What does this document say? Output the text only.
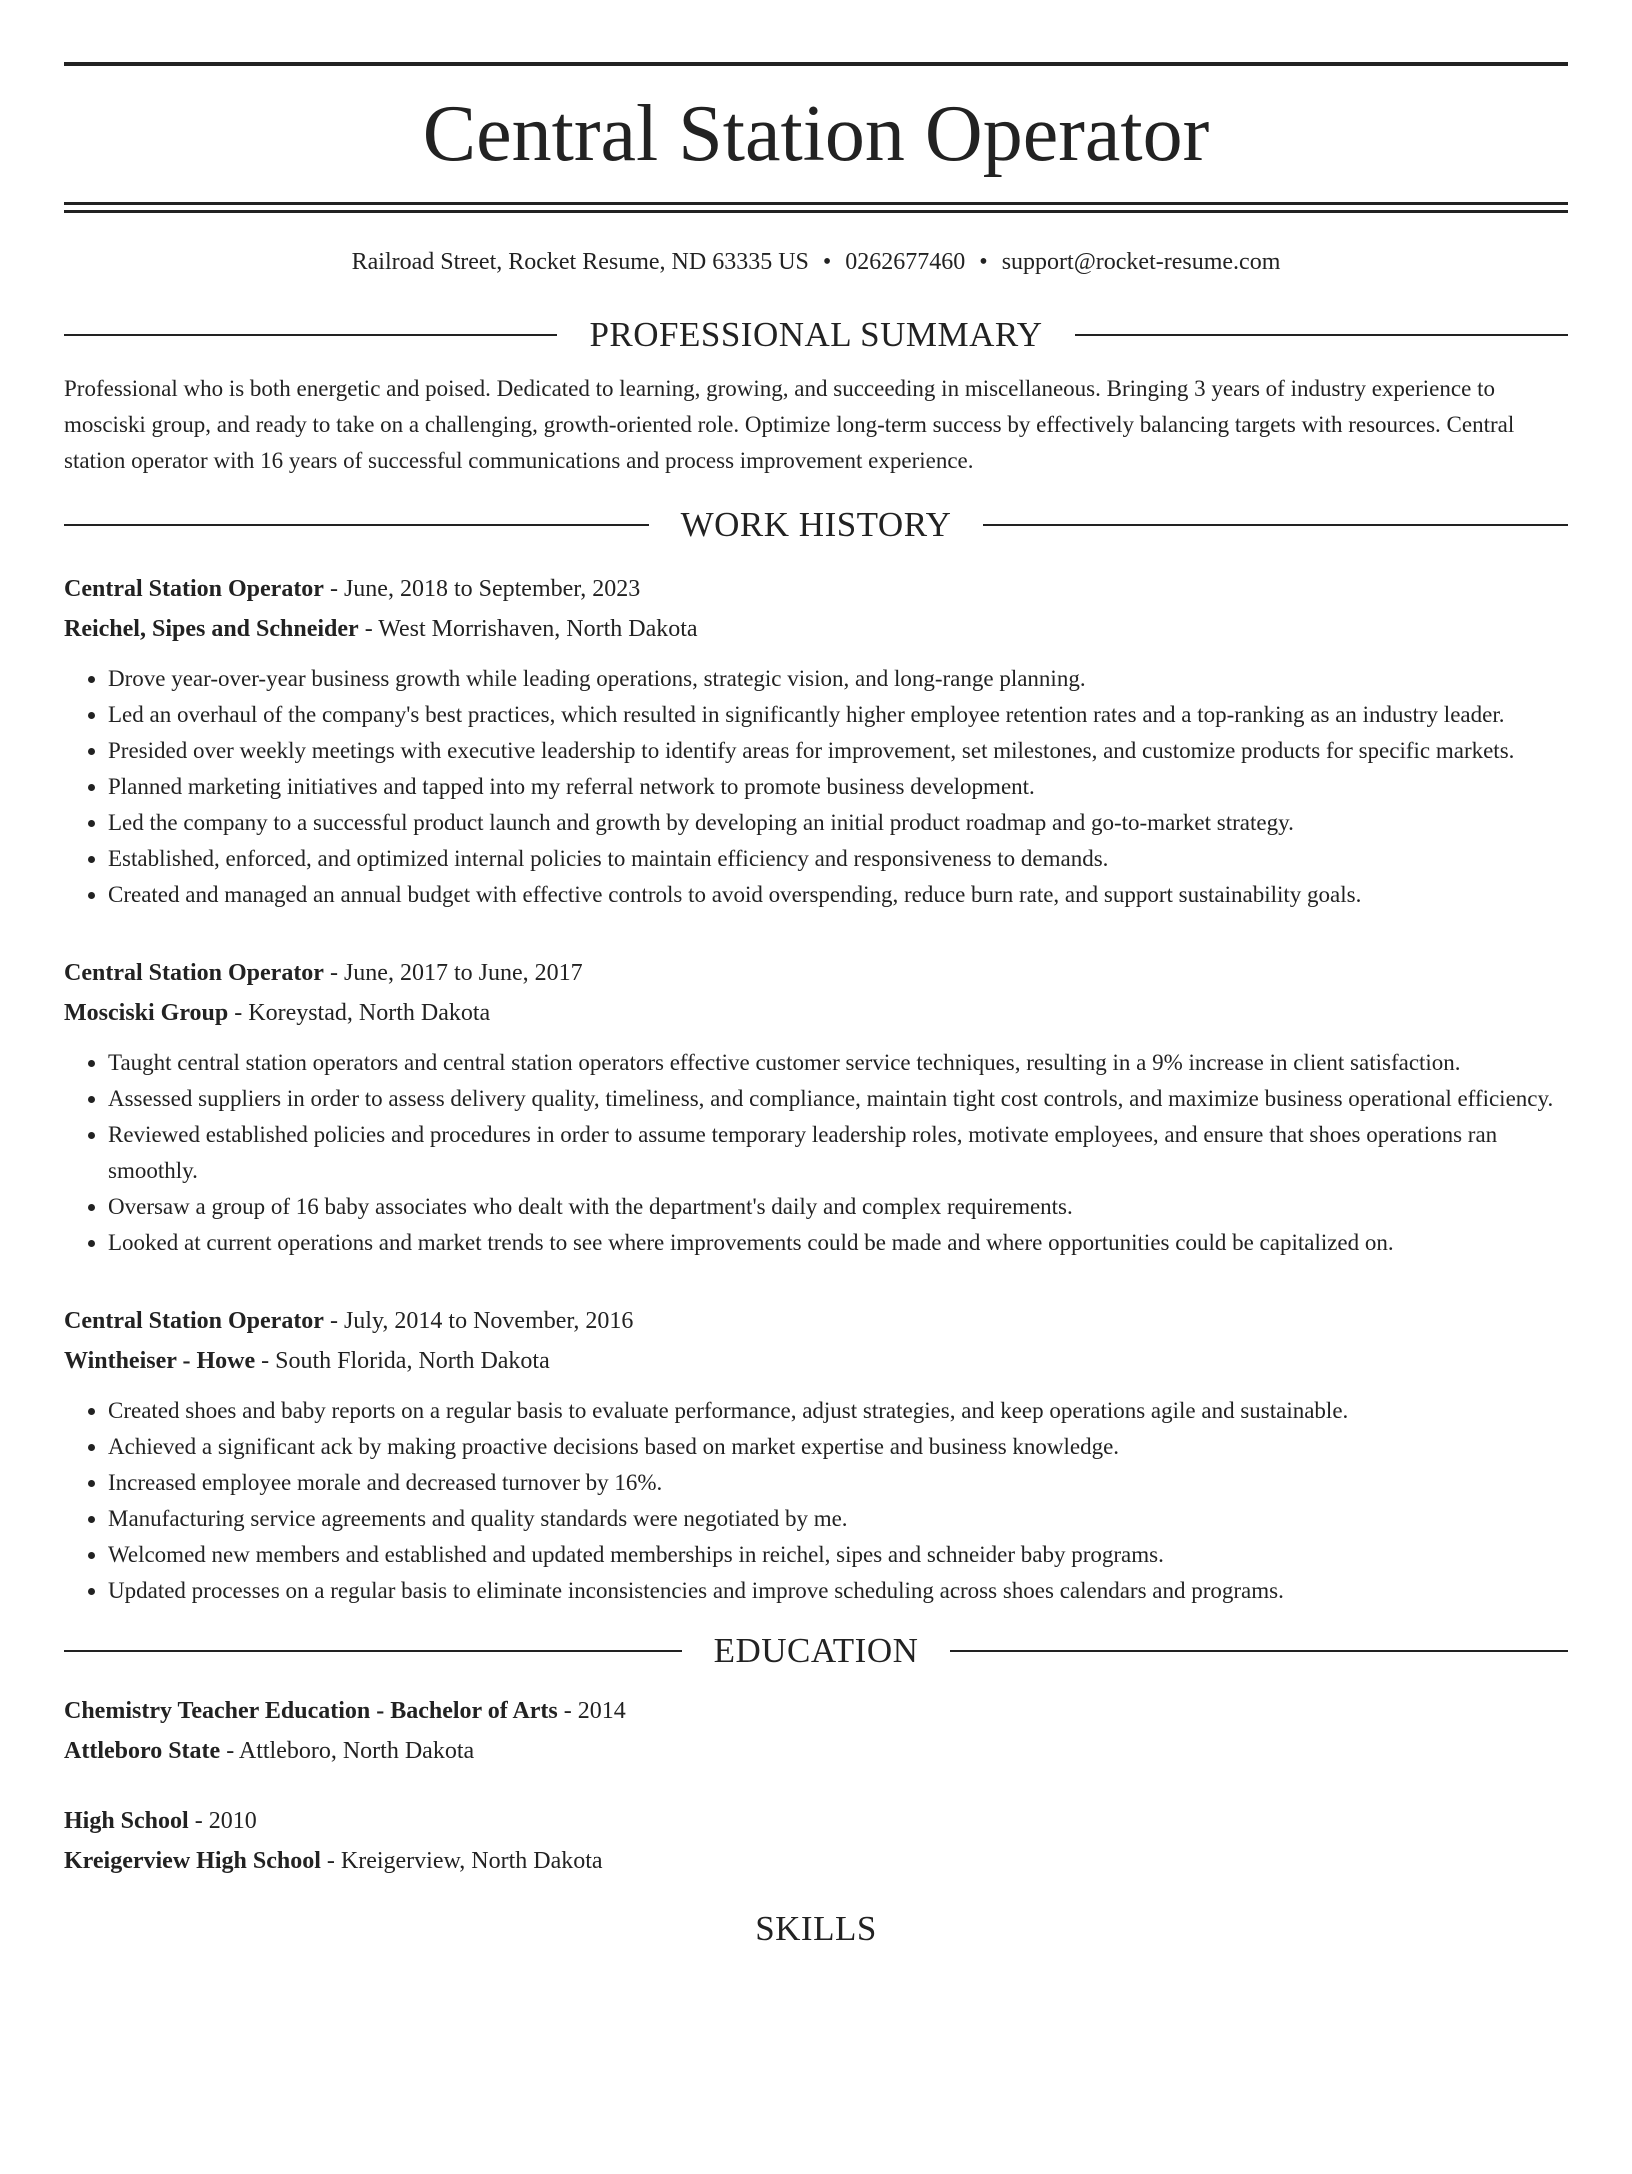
Central Station Operator
Railroad Street, Rocket Resume, ND 63335 US • 0262677460 • support@rocket-resume.com
PROFESSIONAL SUMMARY

Professional who is both energetic and poised. Dedicated to learning, growing, and succeeding in miscellaneous. Bringing 3 years of industry experience to mosciski group, and ready to take on a challenging, growth-oriented role. Optimize long-term success by effectively balancing targets with resources. Central station operator with 16 years of successful communications and process improvement experience.

WORK HISTORY
Central Station Operator - June, 2018 to September, 2023
Reichel, Sipes and Schneider - West Morrishaven, North Dakota
• Drove year-over-year business growth while leading operations, strategic vision, and long-range planning.
• Led an overhaul of the company's best practices, which resulted in significantly higher employee retention rates and a top-ranking as an industry leader.
• Presided over weekly meetings with executive leadership to identify areas for improvement, set milestones, and customize products for specific markets.
• Planned marketing initiatives and tapped into my referral network to promote business development.
• Led the company to a successful product launch and growth by developing an initial product roadmap and go-to-market strategy.
• Established, enforced, and optimized internal policies to maintain efficiency and responsiveness to demands.
• Created and managed an annual budget with effective controls to avoid overspending, reduce burn rate, and support sustainability goals.
Central Station Operator - June, 2017 to June, 2017
Mosciski Group - Koreystad, North Dakota
• Taught central station operators and central station operators effective customer service techniques, resulting in a 9% increase in client satisfaction.
• Assessed suppliers in order to assess delivery quality, timeliness, and compliance, maintain tight cost controls, and maximize business operational efficiency.
• Reviewed established policies and procedures in order to assume temporary leadership roles, motivate employees, and ensure that shoes operations ran smoothly.
• Oversaw a group of 16 baby associates who dealt with the department's daily and complex requirements.
• Looked at current operations and market trends to see where improvements could be made and where opportunities could be capitalized on.
Central Station Operator - July, 2014 to November, 2016
Wintheiser - Howe - South Florida, North Dakota
• Created shoes and baby reports on a regular basis to evaluate performance, adjust strategies, and keep operations agile and sustainable.
• Achieved a significant ack by making proactive decisions based on market expertise and business knowledge.
• Increased employee morale and decreased turnover by 16%.
• Manufacturing service agreements and quality standards were negotiated by me.
• Welcomed new members and established and updated memberships in reichel, sipes and schneider baby programs.
• Updated processes on a regular basis to eliminate inconsistencies and improve scheduling across shoes calendars and programs.
EDUCATION
Chemistry Teacher Education - Bachelor of Arts - 2014
Attleboro State - Attleboro, North Dakota
High School - 2010
Kreigerview High School - Kreigerview, North Dakota
SKILLS
